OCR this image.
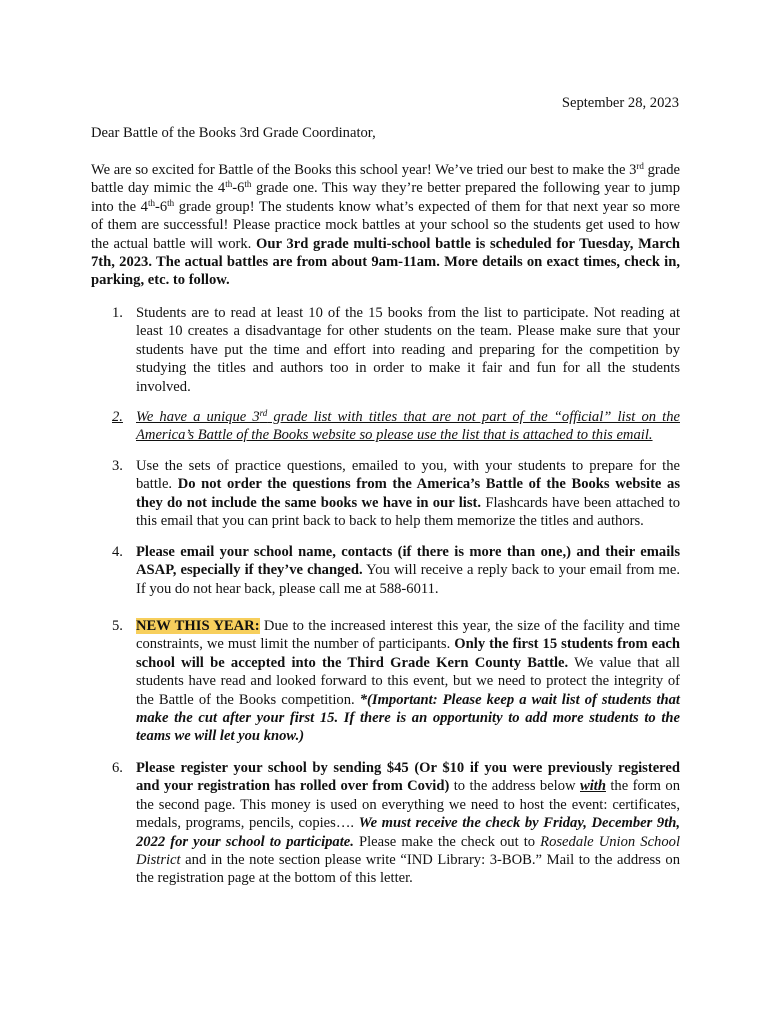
September 28, 2023
Dear Battle of the Books 3rd Grade Coordinator,
We are so excited for Battle of the Books this school year! We’ve tried our best to make the 3rd grade battle day mimic the 4th-6th grade one. This way they’re better prepared the following year to jump into the 4th-6th grade group! The students know what’s expected of them for that next year so more of them are successful! Please practice mock battles at your school so the students get used to how the actual battle will work. Our 3rd grade multi-school battle is scheduled for Tuesday, March 7th, 2023. The actual battles are from about 9am-11am. More details on exact times, check in, parking, etc. to follow.
1. Students are to read at least 10 of the 15 books from the list to participate. Not reading at least 10 creates a disadvantage for other students on the team. Please make sure that your students have put the time and effort into reading and preparing for the competition by studying the titles and authors too in order to make it fair and fun for all the students involved.
2. We have a unique 3rd grade list with titles that are not part of the “official” list on the America’s Battle of the Books website so please use the list that is attached to this email.
3. Use the sets of practice questions, emailed to you, with your students to prepare for the battle. Do not order the questions from the America’s Battle of the Books website as they do not include the same books we have in our list. Flashcards have been attached to this email that you can print back to back to help them memorize the titles and authors.
4. Please email your school name, contacts (if there is more than one,) and their emails ASAP, especially if they’ve changed. You will receive a reply back to your email from me. If you do not hear back, please call me at 588-6011.
5. NEW THIS YEAR: Due to the increased interest this year, the size of the facility and time constraints, we must limit the number of participants. Only the first 15 students from each school will be accepted into the Third Grade Kern County Battle. We value that all students have read and looked forward to this event, but we need to protect the integrity of the Battle of the Books competition. *(Important: Please keep a wait list of students that make the cut after your first 15. If there is an opportunity to add more students to the teams we will let you know.)
6. Please register your school by sending $45 (Or $10 if you were previously registered and your registration has rolled over from Covid) to the address below with the form on the second page. This money is used on everything we need to host the event: certificates, medals, programs, pencils, copies…. We must receive the check by Friday, December 9th, 2022 for your school to participate. Please make the check out to Rosedale Union School District and in the note section please write “IND Library: 3-BOB.” Mail to the address on the registration page at the bottom of this letter.
